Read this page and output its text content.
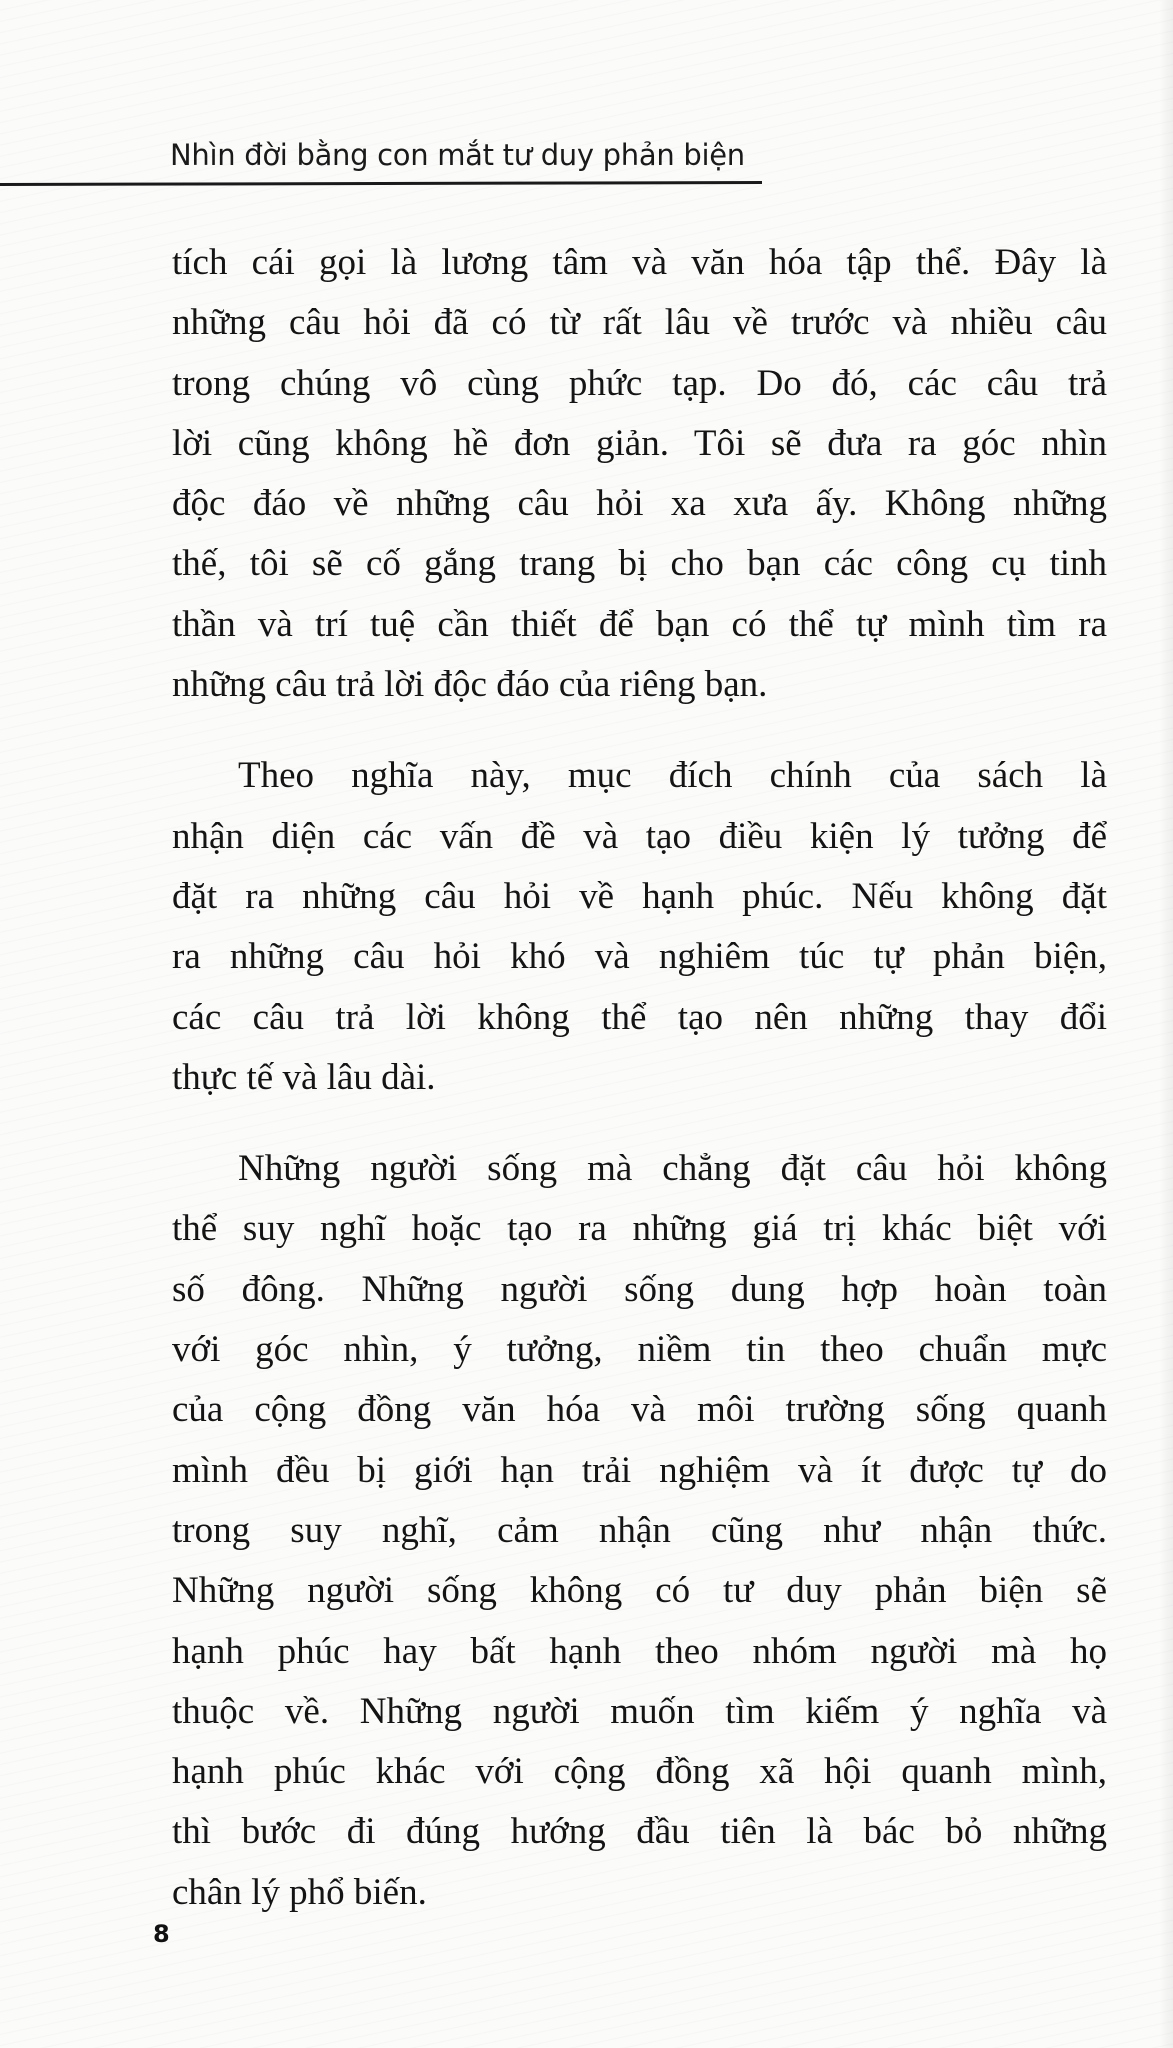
Nhìn đời bằng con mắt tư duy phản biện
tích cái gọi là lương tâm và văn hóa tập thể. Đây là
những câu hỏi đã có từ rất lâu về trước và nhiều câu
trong chúng vô cùng phức tạp. Do đó, các câu trả
lời cũng không hề đơn giản. Tôi sẽ đưa ra góc nhìn
độc đáo về những câu hỏi xa xưa ấy. Không những
thế, tôi sẽ cố gắng trang bị cho bạn các công cụ tinh
thần và trí tuệ cần thiết để bạn có thể tự mình tìm ra
những câu trả lời độc đáo của riêng bạn.
Theo nghĩa này, mục đích chính của sách là
nhận diện các vấn đề và tạo điều kiện lý tưởng để
đặt ra những câu hỏi về hạnh phúc. Nếu không đặt
ra những câu hỏi khó và nghiêm túc tự phản biện,
các câu trả lời không thể tạo nên những thay đổi
thực tế và lâu dài.
Những người sống mà chẳng đặt câu hỏi không
thể suy nghĩ hoặc tạo ra những giá trị khác biệt với
số đông. Những người sống dung hợp hoàn toàn
với góc nhìn, ý tưởng, niềm tin theo chuẩn mực
của cộng đồng văn hóa và môi trường sống quanh
mình đều bị giới hạn trải nghiệm và ít được tự do
trong suy nghĩ, cảm nhận cũng như nhận thức.
Những người sống không có tư duy phản biện sẽ
hạnh phúc hay bất hạnh theo nhóm người mà họ
thuộc về. Những người muốn tìm kiếm ý nghĩa và
hạnh phúc khác với cộng đồng xã hội quanh mình,
thì bước đi đúng hướng đầu tiên là bác bỏ những
chân lý phổ biến.
8
